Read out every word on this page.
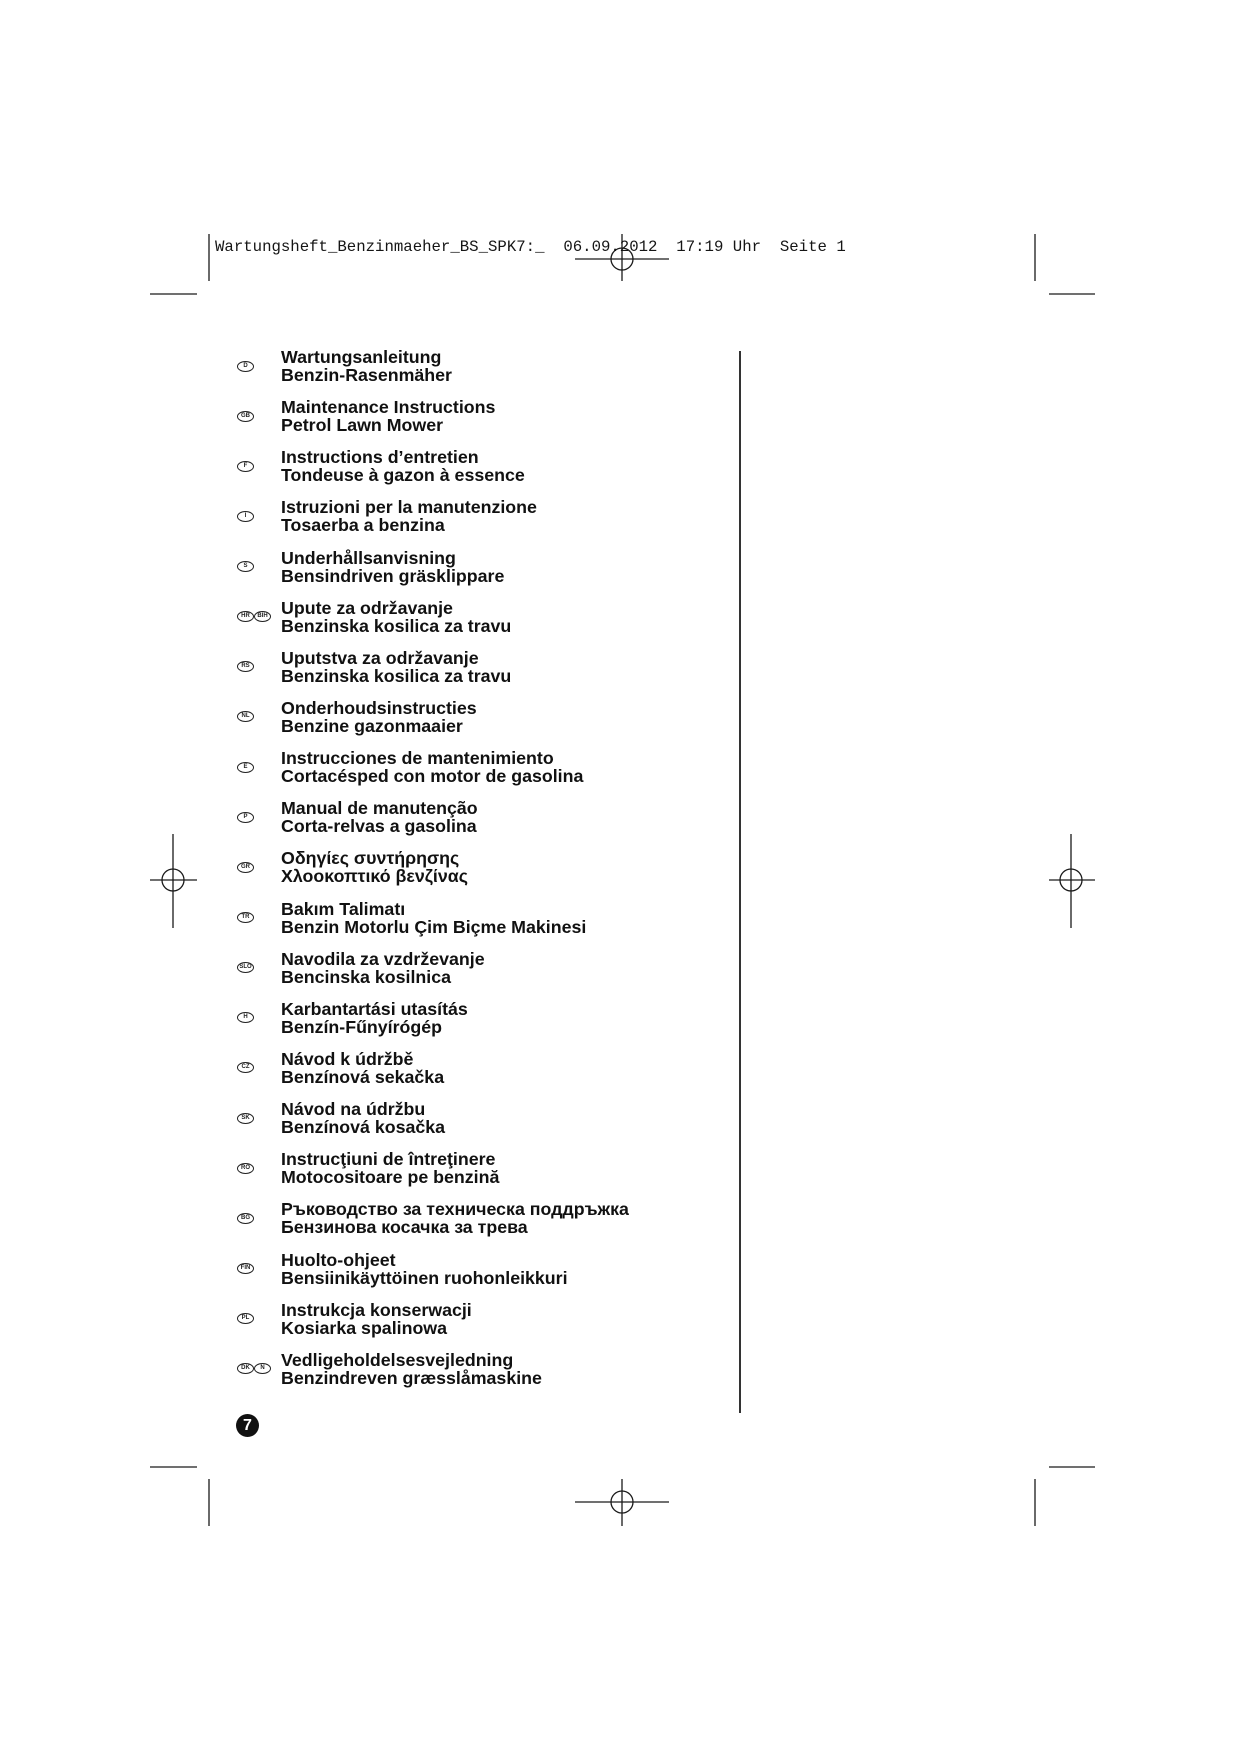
Wartungsheft_Benzinmaeher_BS_SPK7:_ 06.09.2012 17:19 Uhr Seite 1
D	Wartungsanleitung
Benzin-Rasenmäher
GB Maintenance Instructions
Petrol Lawn Mower
F	Instructions d’entretien
Tondeuse à gazon à essence
I	Istruzioni per la manutenzione
Tosaerba a benzina
S	Underhållsanvisning
Bensindriven gräsklippare
HR	BIH Upute za održavanje
Benzinska kosilica za travu
RS Uputstva za održavanje
Benzinska kosilica za travu
NL Onderhoudsinstructies
Benzine gazonmaaier
E	Instrucciones de mantenimiento
Cortacésped con motor de gasolina
P	Manual de manutenção
Corta-relvas a gasolina
GR Οδηγίες συντήρησης
Χλοοκοπτικό βενζίνας
TR Bakım Talimatı
Benzin Motorlu Çim Biçme Makinesi
SLO Navodila za vzdrževanje
Bencinska kosilnica
H	Karbantartási utasítás
Benzín-Fűnyírógép
CZ Návod k údržbě
Benzínová sekačka
SK Návod na údržbu
Benzínová kosačka
RO Instrucţiuni de întreţinere
Motocositoare pe benzină
BG Ръководство за техническа поддръжка
Бензинова косачка за трева
FIN Huolto-ohjeet
Bensiinikäyttöinen ruohonleikkuri
PL Instrukcja konserwacji
Kosiarka spalinowa
DK	N Vedligeholdelsesvejledning
Benzindreven græsslåmaskine
7
